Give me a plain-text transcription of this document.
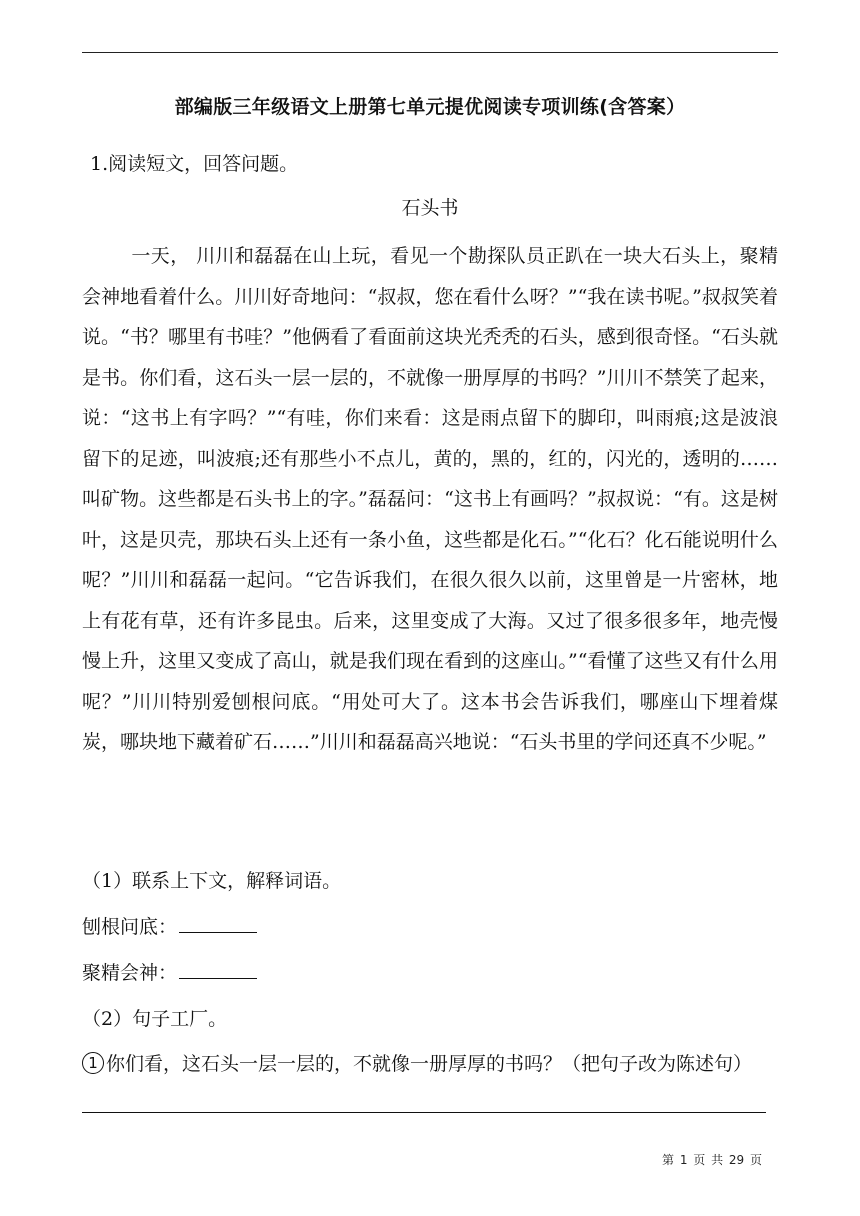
部编版三年级语文上册第七单元提优阅读专项训练(含答案）
1.阅读短文，回答问题。
石头书

一天， 川川和磊磊在山上玩，看见一个勘探队员正趴在一块大石头上，聚精会神地看着什么。川川好奇地问：“叔叔，您在看什么呀？”“我在读书呢。”叔叔笑着说。“书？哪里有书哇？”他俩看了看面前这块光秃秃的石头，感到很奇怪。“石头就是书。你们看，这石头一层一层的，不就像一册厚厚的书吗？”川川不禁笑了起来，说：“这书上有字吗？”“有哇，你们来看：这是雨点留下的脚印，叫雨痕;这是波浪留下的足迹，叫波痕;还有那些小不点儿，黄的，黑的，红的，闪光的，透明的……叫矿物。这些都是石头书上的字。”磊磊问：“这书上有画吗？”叔叔说：“有。这是树叶，这是贝壳，那块石头上还有一条小鱼，这些都是化石。”“化石？化石能说明什么呢？”川川和磊磊一起问。“它告诉我们，在很久很久以前，这里曾是一片密林，地上有花有草，还有许多昆虫。后来，这里变成了大海。又过了很多很多年，地壳慢慢上升，这里又变成了高山，就是我们现在看到的这座山。”“看懂了这些又有什么用呢？”川川特别爱刨根问底。“用处可大了。这本书会告诉我们，哪座山下埋着煤炭，哪块地下藏着矿石……”川川和磊磊高兴地说：“石头书里的学问还真不少呢。”

（1）联系上下文，解释词语。
刨根问底：
聚精会神：
（2）句子工厂。
1 你们看，这石头一层一层的，不就像一册厚厚的书吗？（把句子改为陈述句）
第 1 页 共 29 页
